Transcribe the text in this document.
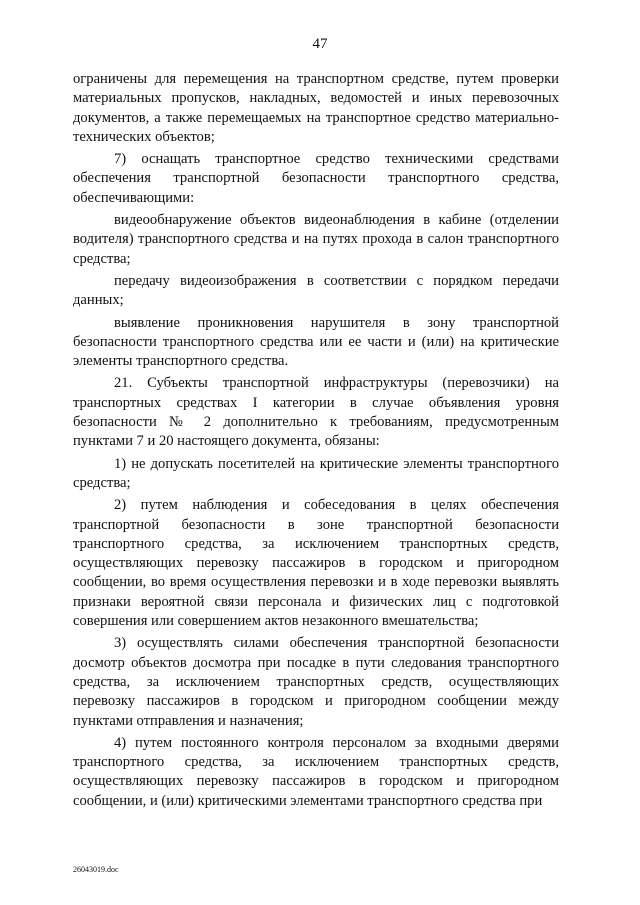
47

ограничены для перемещения на транспортном средстве, путем проверки материальных пропусков, накладных, ведомостей и иных перевозочных документов, а также перемещаемых на транспортное средство материально-технических объектов;

7) оснащать транспортное средство техническими средствами обеспечения транспортной безопасности транспортного средства, обеспечивающими:

видеообнаружение объектов видеонаблюдения в кабине (отделении водителя) транспортного средства и на путях прохода в салон транспортного средства;

передачу видеоизображения в соответствии с порядком передачи данных;

выявление проникновения нарушителя в зону транспортной безопасности транспортного средства или ее части и (или) на критические элементы транспортного средства.

21. Субъекты транспортной инфраструктуры (перевозчики) на транспортных средствах I категории в случае объявления уровня безопасности № 2 дополнительно к требованиям, предусмотренным пунктами 7 и 20 настоящего документа, обязаны:

1) не допускать посетителей на критические элементы транспортного средства;

2) путем наблюдения и собеседования в целях обеспечения транспортной безопасности в зоне транспортной безопасности транспортного средства, за исключением транспортных средств, осуществляющих перевозку пассажиров в городском и пригородном сообщении, во время осуществления перевозки и в ходе перевозки выявлять признаки вероятной связи персонала и физических лиц с подготовкой совершения или совершением актов незаконного вмешательства;

3) осуществлять силами обеспечения транспортной безопасности досмотр объектов досмотра при посадке в пути следования транспортного средства, за исключением транспортных средств, осуществляющих перевозку пассажиров в городском и пригородном сообщении между пунктами отправления и назначения;

4) путем постоянного контроля персоналом за входными дверями транспортного средства, за исключением транспортных средств, осуществляющих перевозку пассажиров в городском и пригородном сообщении, и (или) критическими элементами транспортного средства при

26043019.doc
